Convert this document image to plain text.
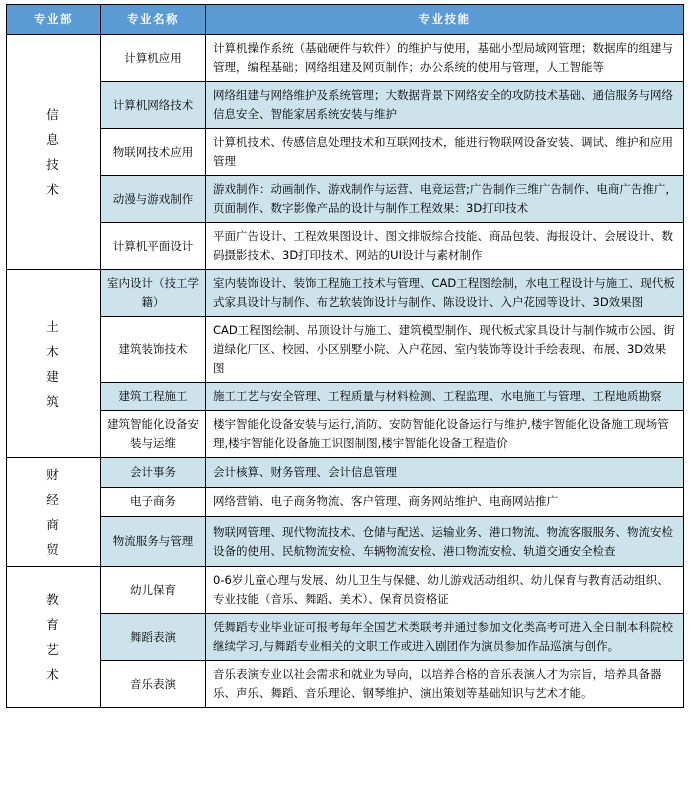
专业部	专业名称	专业技能

信
息
技
术	计算机应用	计算机操作系统（基础硬件与软件）的维护与使用，基础小型局域网管理；数据库的组建与管理，编程基础；网络组建及网页制作；办公系统的使用与管理，人工智能等
	计算机网络技术	网络组建与网络维护及系统管理；大数据背景下网络安全的攻防技术基础、通信服务与网络信息安全、智能家居系统安装与维护
	物联网技术应用	计算机技术、传感信息处理技术和互联网技术，能进行物联网设备安装、调试、维护和应用管理
	动漫与游戏制作	游戏制作：动画制作、游戏制作与运营、电竞运营;广告制作三维广告制作、电商广告推广，页面制作、数字影像产品的设计与制作工程效果：3D打印技术
	计算机平面设计	平面广告设计、工程效果图设计、图文排版综合技能、商品包装、海报设计、会展设计、数码摄影技术、3D打印技术、网站的UI设计与素材制作

土
木
建
筑	室内设计（技工学籍）	室内装饰设计、装饰工程施工技术与管理、CAD工程图绘制，水电工程设计与施工、现代板式家具设计与制作、布艺软装饰设计与制作、陈设设计、入户花园等设计、3D效果图
	建筑装饰技术	CAD工程图绘制、吊顶设计与施工、建筑模型制作、现代板式家具设计与制作城市公园、街道绿化厂区、校园、小区别墅小院、入户花园、室内装饰等设计手绘表现、布展、3D效果图
	建筑工程施工	施工工艺与安全管理、工程质量与材料检测、工程监理、水电施工与管理、工程地质勘察
	建筑智能化设备安装与运维	楼宇智能化设备安装与运行,消防、安防智能化设备运行与维护,楼宇智能化设备施工现场管理,楼宇智能化设备施工识图制图,楼宇智能化设备工程造价

财
经
商
贸	会计事务	会计核算、财务管理、会计信息管理
	电子商务	网络营销、电子商务物流、客户管理、商务网站维护、电商网站推广
	物流服务与管理	物联网管理、现代物流技术、仓储与配送、运输业务、港口物流、物流客服服务、物流安检设备的使用、民航物流安检、车辆物流安检、港口物流安检、轨道交通安全检查

教
育
艺
术	幼儿保育	0-6岁儿童心理与发展、幼儿卫生与保健、幼儿游戏活动组织、幼儿保育与教育活动组织、专业技能（音乐、舞蹈、美术）、保育员资格证
	舞蹈表演	凭舞蹈专业毕业证可报考每年全国艺术类联考并通过参加文化类高考可进入全日制本科院校继续学习,与舞蹈专业相关的文职工作或进入剧团作为演员参加作品巡演与创作。
	音乐表演	音乐表演专业以社会需求和就业为导向，以培养合格的音乐表演人才为宗旨，培养具备器乐、声乐、舞蹈、音乐理论、钢琴维护、演出策划等基础知识与艺术才能。
